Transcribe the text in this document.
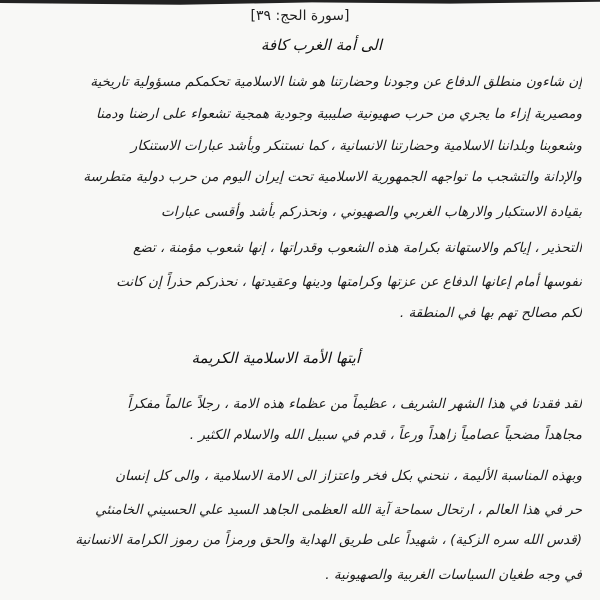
[سورة الحج: ٣٩]
الى أمة الغرب كافة
إن شاءون منطلق الدفاع عن وجودنا وحضارتنا هو شنا الاسلامية تحكمكم مسؤولية تاريخية
ومصيرية إزاء ما يجري من حرب صهيونية صليبية وجودية همجية تشعواء على ارضنا ودمنا
وشعوبنا وبلداننا الاسلامية وحضارتنا الانسانية ، كما نستنكر وبأشد عبارات الاستنكار
والإدانة والتشجب ما تواجهه الجمهورية الاسلامية تحت إيران اليوم من حرب دولية متطرسة
بقيادة الاستكبار والارهاب الغربي والصهيوني ، ونحذركم بأشد وأقسى عبارات
التحذير ، إياكم والاستهانة بكرامة هذه الشعوب وقدراتها ، إنها شعوب مؤمنة ، تضع
نفوسها أمام إعانها الدفاع عن عزتها وكرامتها ودينها وعقيدتها ، نحذركم حذراً إن كانت
لكم مصالح تهم بها في المنطقة .
أيتها الأمة الاسلامية الكريمة
لقد فقدنا في هذا الشهر الشريف ، عظيماً من عظماء هذه الامة ، رجلاً عالماً مفكراً
مجاهداً مضحياً عصامياً زاهداً ورعاً ، قدم في سبيل الله والاسلام الكثير .
وبهذه المناسبة الأليمة ، ننحني بكل فخر واعتزاز الى الامة الاسلامية ، والى كل إنسان
حر في هذا العالم ، ارتحال سماحة آية الله العظمى الجاهد السيد علي الحسيني الخامنئي
(قدس الله سره الزكية) ، شهيداً على طريق الهداية والحق ورمزاً من رموز الكرامة الانسانية
في وجه طغيان السياسات الغربية والصهيونية .
